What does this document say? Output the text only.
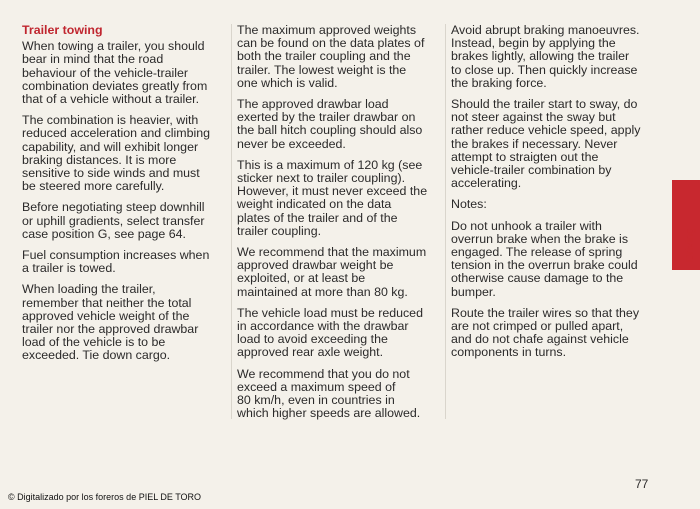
Trailer towing

When towing a trailer, you should
bear in mind that the road
behaviour of the vehicle-trailer
combination deviates greatly from
that of a vehicle without a trailer.

The combination is heavier, with
reduced acceleration and climbing
capability, and will exhibit longer
braking distances. It is more
sensitive to side winds and must
be steered more carefully.

Before negotiating steep downhill
or uphill gradients, select transfer
case position G, see page 64.

Fuel consumption increases when
a trailer is towed.

When loading the trailer,
remember that neither the total
approved vehicle weight of the
trailer nor the approved drawbar
load of the vehicle is to be
exceeded. Tie down cargo.

The maximum approved weights
can be found on the data plates of
both the trailer coupling and the
trailer. The lowest weight is the
one which is valid.

The approved drawbar load
exerted by the trailer drawbar on
the ball hitch coupling should also
never be exceeded.

This is a maximum of 120 kg (see
sticker next to trailer coupling).
However, it must never exceed the
weight indicated on the data
plates of the trailer and of the
trailer coupling.

We recommend that the maximum
approved drawbar weight be
exploited, or at least be
maintained at more than 80 kg.

The vehicle load must be reduced
in accordance with the drawbar
load to avoid exceeding the
approved rear axle weight.

We recommend that you do not
exceed a maximum speed of
80 km/h, even in countries in
which higher speeds are allowed.

Avoid abrupt braking manoeuvres.
Instead, begin by applying the
brakes lightly, allowing the trailer
to close up. Then quickly increase
the braking force.

Should the trailer start to sway, do
not steer against the sway but
rather reduce vehicle speed, apply
the brakes if necessary. Never
attempt to straigten out the
vehicle-trailer combination by
accelerating.

Notes:

Do not unhook a trailer with
overrun brake when the brake is
engaged. The release of spring
tension in the overrun brake could
otherwise cause damage to the
bumper.

Route the trailer wires so that they
are not crimped or pulled apart,
and do not chafe against vehicle
components in turns.

Driving
77
© Digitalizado por los foreros de PIEL DE TORO
